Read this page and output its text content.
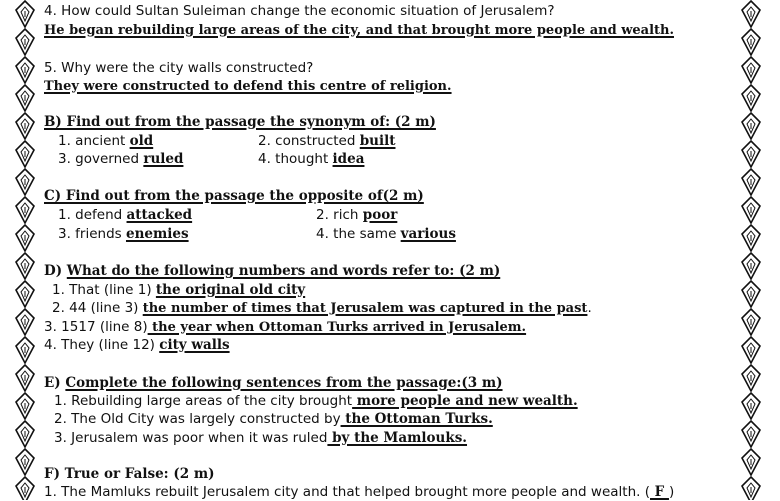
4. How could Sultan Suleiman change the economic situation of Jerusalem?
He began rebuilding large areas of the city, and that brought more people and wealth.
5. Why were the city walls constructed?
They were constructed to defend this centre of religion.
B) Find out from the passage the synonym of: (2 m)
1. ancient old	2. constructed built
3. governed ruled	4. thought idea
C) Find out from the passage the opposite of(2 m)
1. defend attacked	2. rich poor
3. friends enemies	4. the same various
D) What do the following numbers and words refer to: (2 m)
1. That (line 1) the original old city
2. 44 (line 3) the number of times that Jerusalem was captured in the past.
3. 1517 (line 8) the year when Ottoman Turks arrived in Jerusalem.
4. They (line 12) city walls
E) Complete the following sentences from the passage:(3 m)
1. Rebuilding large areas of the city brought more people and new wealth.
2. The Old City was largely constructed by the Ottoman Turks.
3. Jerusalem was poor when it was ruled by the Mamlouks.
F) True or False: (2 m)
1. The Mamluks rebuilt Jerusalem city and that helped brought more people and wealth. ( F )
